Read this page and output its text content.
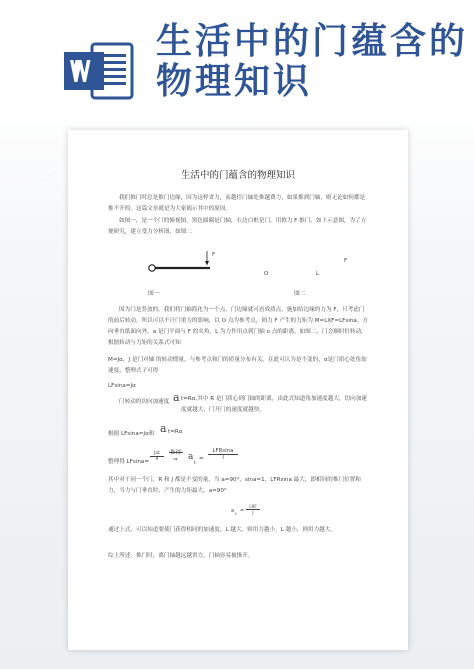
生活中的门蕴含的
物理知识
生活中的门蕴含的物理知识
我们推门时总是推门边缘，因为这样省力，而越往门轴处推越费力，如果推到门轴，则无论如何都是推不开的。这篇文章就是为大家揭示其中的原因。
如图一，是一个门的俯视图，黑色圆圈是门轴，右边白框是门，用推力 F 推门，如下示意图，为了方便研究，建立受力分析图，如图二
F
F
O	L
图一	图二
因为门是竖放的，我们将门轴简化为一个点，门边缘就可看成质点，施加给边缘的力为 F，只考虑门的前后转动，所以可以不计门重力的影响，以 O 点为参考点，则力 F 产生的力矩为 M=LXF=LFsina，方向垂直纸面向外，a 是门平面与 F 的夹角，L 为力作用点到门轴 o 点的距离，如图二，门会顺时针转动。根据转动与力矩的关系式可知
M=Jα，J 是门对轴 的转动惯量，与参考点和门的质量分布有关，在此可认为是不变的，α是门质心处角加速度，整理式子可得
LFsina=Jα
门转动的切向加速度 a t=Rα,其中 R 是门质心到门轴的距离，由此式知道角加速度越大，切向加速度就越大，门开门的速度就越快。
根据 LFsina=Jα和 a t=Rα
整理得 LFsina=
Jat
R
推得
⇒ a
t
=
LFRsina
I
其中对于同一个门，R 和 J 都是不变的量，当 a=90°，sina=1，LFRsina 最大，即相同的推门位置和力，当力与门垂直时，产生的力矩最大，a=90°
a t =
LRF
J
通过上式，可以知道要使门获得相同的加速度，L 越大，则用力越小，L 越小，则用力越大。
综上所述：推门时，离门轴越远越省力，门轴容易被推开。
